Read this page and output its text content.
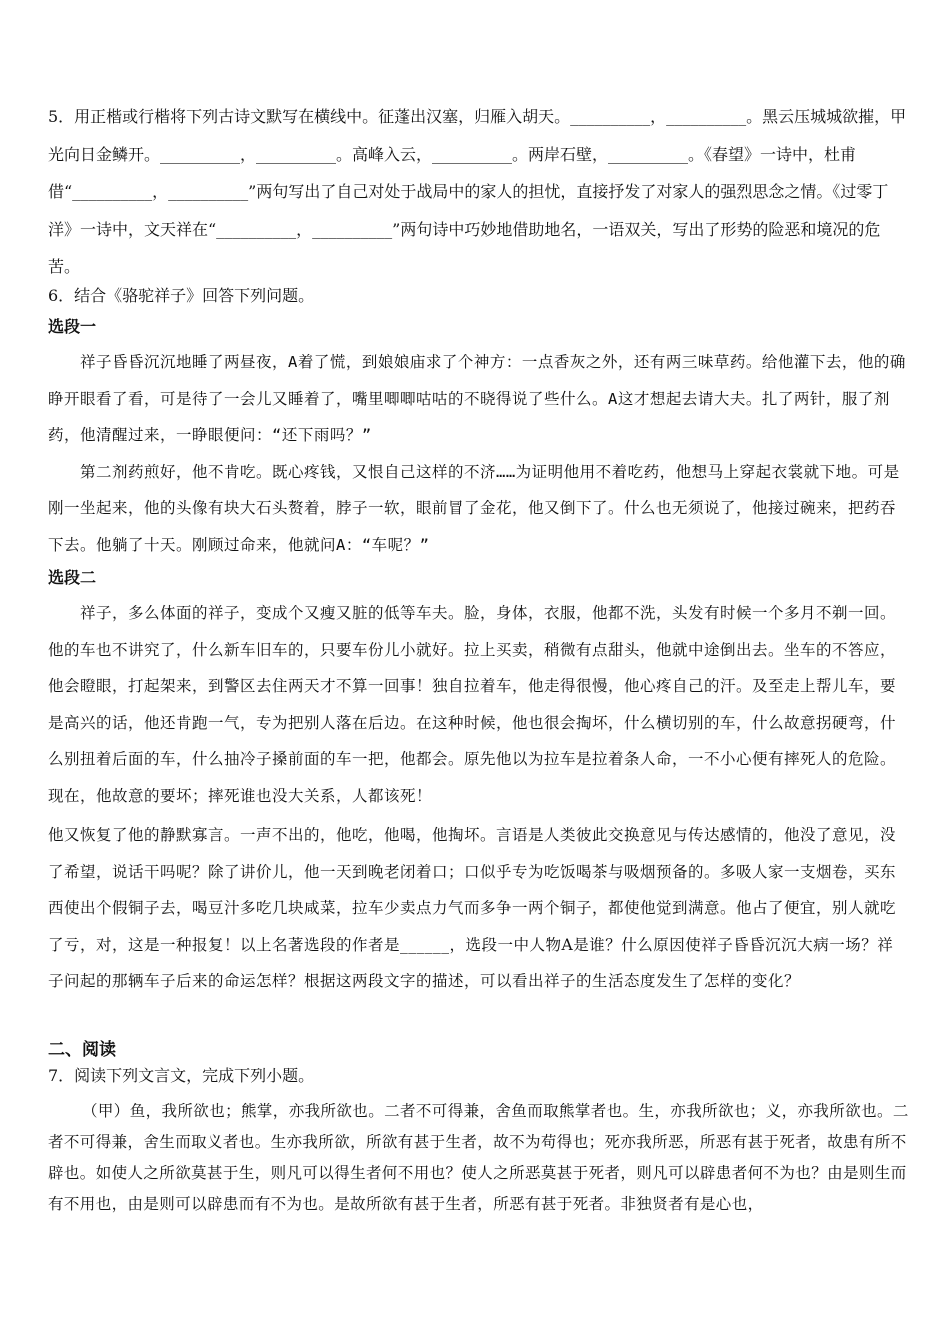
5．用正楷或行楷将下列古诗文默写在横线中。征蓬出汉塞，归雁入胡天。__________，__________。黑云压城城欲摧，甲光向日金鳞开。__________，__________。高峰入云，__________。两岸石壁，__________。《春望》一诗中，杜甫借“__________，__________”两句写出了自己对处于战局中的家人的担忧，直接抒发了对家人的强烈思念之情。《过零丁洋》一诗中，文天祥在“__________，__________”两句诗中巧妙地借助地名，一语双关，写出了形势的险恶和境况的危苦。

6．结合《骆驼祥子》回答下列问题。

选段一

祥子昏昏沉沉地睡了两昼夜，A着了慌，到娘娘庙求了个神方：一点香灰之外，还有两三味草药。给他灌下去，他的确睁开眼看了看，可是待了一会儿又睡着了，嘴里唧唧咕咕的不晓得说了些什么。A这才想起去请大夫。扎了两针，服了剂药，他清醒过来，一睁眼便问：“还下雨吗？”

第二剂药煎好，他不肯吃。既心疼钱，又恨自己这样的不济……为证明他用不着吃药，他想马上穿起衣裳就下地。可是刚一坐起来，他的头像有块大石头赘着，脖子一软，眼前冒了金花，他又倒下了。什么也无须说了，他接过碗来，把药吞下去。他躺了十天。刚顾过命来，他就问A：“车呢？”

选段二

祥子，多么体面的祥子，变成个又瘦又脏的低等车夫。脸，身体，衣服，他都不洗，头发有时候一个多月不剃一回。他的车也不讲究了，什么新车旧车的，只要车份儿小就好。拉上买卖，稍微有点甜头，他就中途倒出去。坐车的不答应，他会瞪眼，打起架来，到警区去住两天才不算一回事！独自拉着车，他走得很慢，他心疼自己的汗。及至走上帮儿车，要是高兴的话，他还肯跑一气，专为把别人落在后边。在这种时候，他也很会掏坏，什么横切别的车，什么故意拐硬弯，什么别扭着后面的车，什么抽冷子搡前面的车一把，他都会。原先他以为拉车是拉着条人命，一不小心便有摔死人的危险。现在，他故意的要坏；摔死谁也没大关系，人都该死！

他又恢复了他的静默寡言。一声不出的，他吃，他喝，他掏坏。言语是人类彼此交换意见与传达感情的，他没了意见，没了希望，说话干吗呢？除了讲价儿，他一天到晚老闭着口；口似乎专为吃饭喝茶与吸烟预备的。多吸人家一支烟卷，买东西使出个假铜子去，喝豆汁多吃几块咸菜，拉车少卖点力气而多争一两个铜子，都使他觉到满意。他占了便宜，别人就吃了亏，对，这是一种报复！以上名著选段的作者是______，选段一中人物A是谁？什么原因使祥子昏昏沉沉大病一场？祥子问起的那辆车子后来的命运怎样？根据这两段文字的描述，可以看出祥子的生活态度发生了怎样的变化？

二、阅读

7．阅读下列文言文，完成下列小题。

（甲）鱼，我所欲也；熊掌，亦我所欲也。二者不可得兼，舍鱼而取熊掌者也。生，亦我所欲也；义，亦我所欲也。二者不可得兼，舍生而取义者也。生亦我所欲，所欲有甚于生者，故不为苟得也；死亦我所恶，所恶有甚于死者，故患有所不辟也。如使人之所欲莫甚于生，则凡可以得生者何不用也？使人之所恶莫甚于死者，则凡可以辟患者何不为也？由是则生而有不用也，由是则可以辟患而有不为也。是故所欲有甚于生者，所恶有甚于死者。非独贤者有是心也，
